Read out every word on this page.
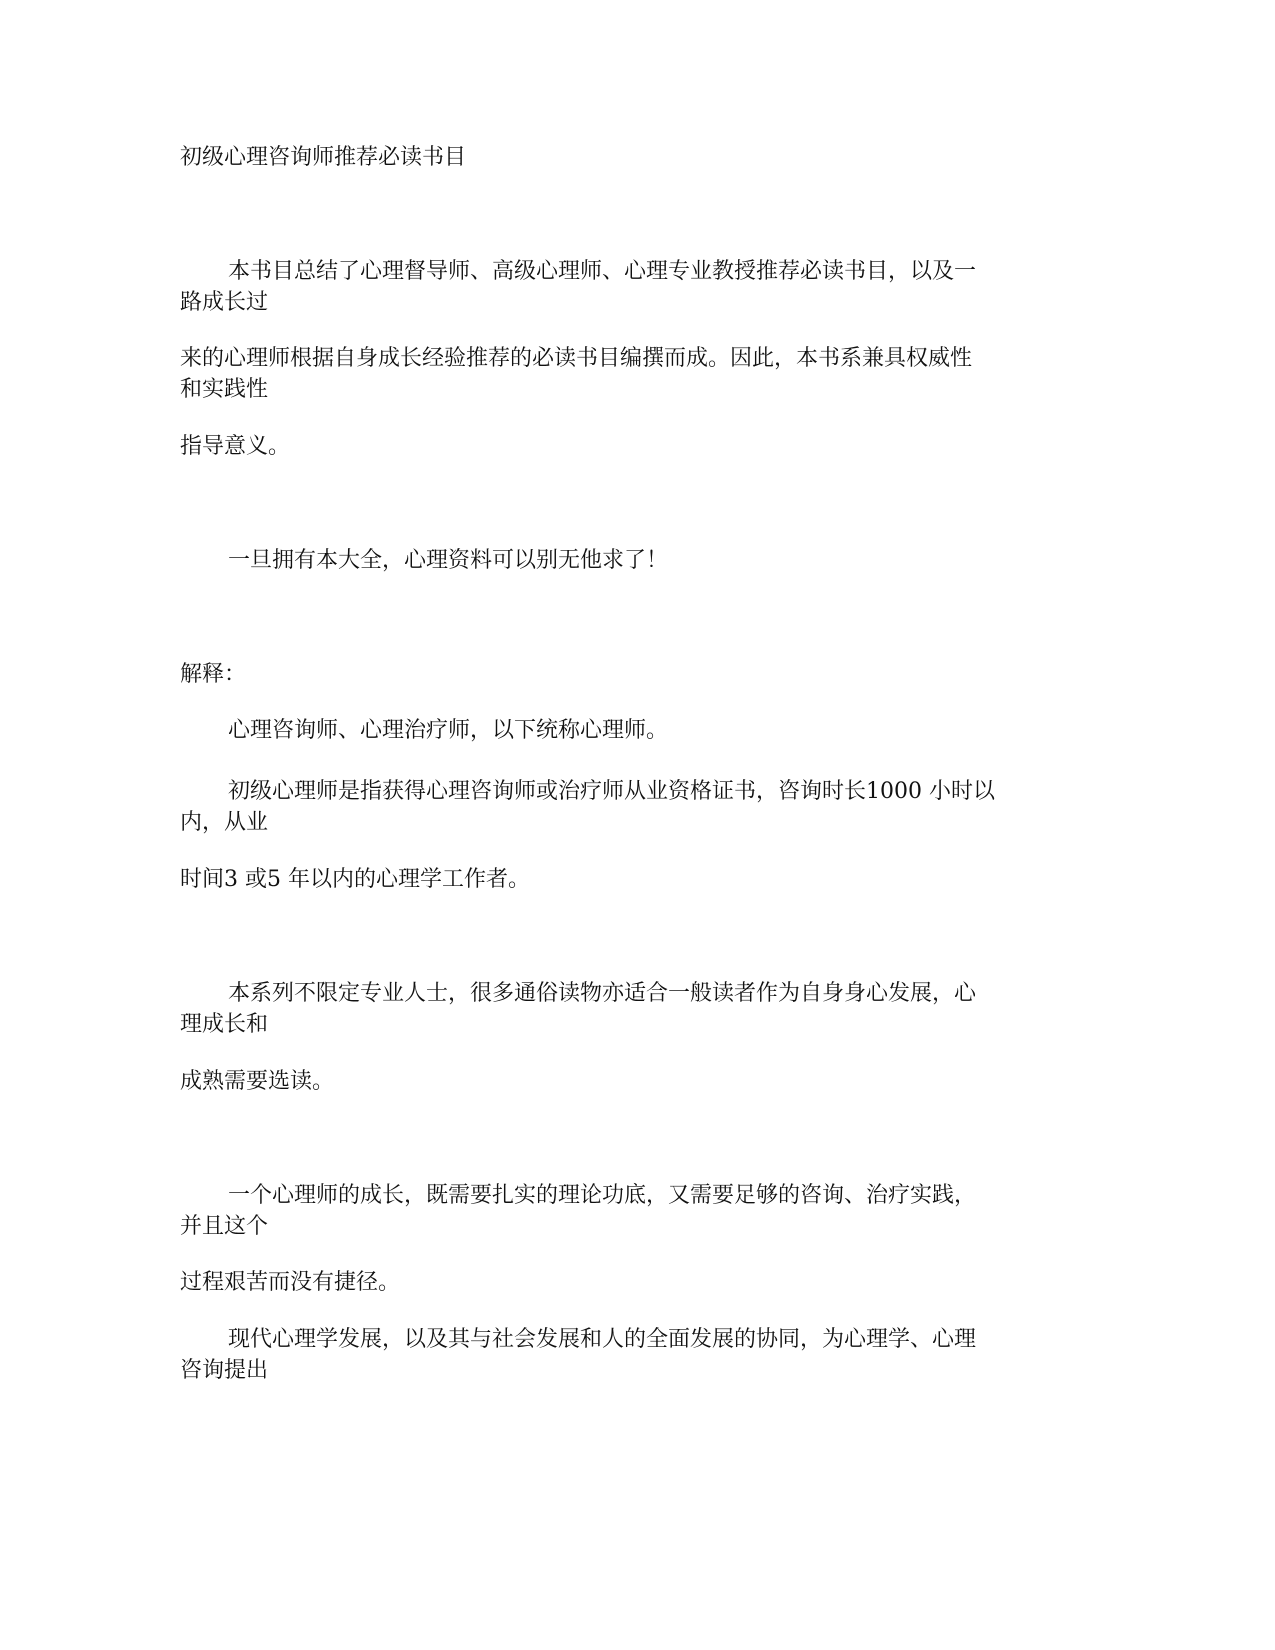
初级心理咨询师推荐必读书目
本书目总结了心理督导师、高级心理师、心理专业教授推荐必读书目，以及一
路成长过
来的心理师根据自身成长经验推荐的必读书目编撰而成。因此，本书系兼具权威性
和实践性
指导意义。
一旦拥有本大全，心理资料可以别无他求了！
解释：
心理咨询师、心理治疗师，以下统称心理师。
初级心理师是指获得心理咨询师或治疗师从业资格证书，咨询时长1000 小时以
内，从业
时间3 或5 年以内的心理学工作者。
本系列不限定专业人士，很多通俗读物亦适合一般读者作为自身身心发展，心
理成长和
成熟需要选读。
一个心理师的成长，既需要扎实的理论功底，又需要足够的咨询、治疗实践，
并且这个
过程艰苦而没有捷径。
现代心理学发展，以及其与社会发展和人的全面发展的协同，为心理学、心理
咨询提出
